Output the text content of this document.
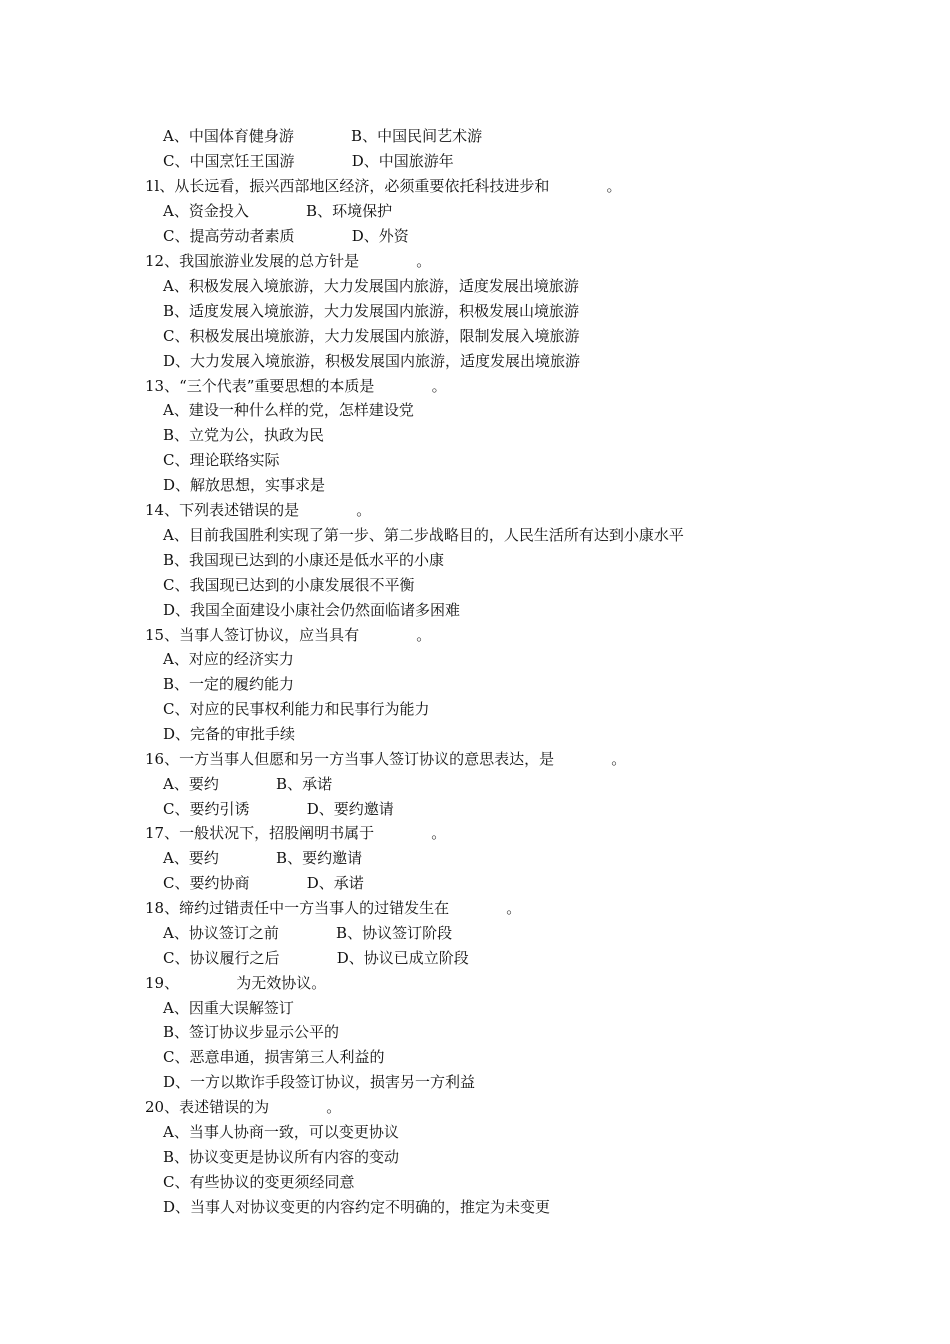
A、中国体育健身游            B、中国民间艺术游
C、中国烹饪王国游            D、中国旅游年
1l、从长远看，振兴西部地区经济，必须重要依托科技进步和            。
A、资金投入            B、环境保护
C、提高劳动者素质            D、外资
12、我国旅游业发展的总方针是            。
A、积极发展入境旅游，大力发展国内旅游，适度发展出境旅游
B、适度发展入境旅游，大力发展国内旅游，积极发展山境旅游
C、积极发展出境旅游，大力发展国内旅游，限制发展入境旅游
D、大力发展入境旅游，积极发展国内旅游，适度发展出境旅游
13、“三个代表”重要思想的本质是            。
A、建设一种什么样的党，怎样建设党
B、立党为公，执政为民
C、理论联络实际
D、解放思想，实事求是
14、下列表述错误的是            。
A、目前我国胜利实现了第一步、第二步战略目的，人民生活所有达到小康水平
B、我国现已达到的小康还是低水平的小康
C、我国现已达到的小康发展很不平衡
D、我国全面建设小康社会仍然面临诸多困难
15、当事人签订协议，应当具有            。
A、对应的经济实力
B、一定的履约能力
C、对应的民事权利能力和民事行为能力
D、完备的审批手续
16、一方当事人但愿和另一方当事人签订协议的意思表达，是            。
A、要约            B、承诺
C、要约引诱            D、要约邀请
17、一般状况下，招股阐明书属于            。
A、要约            B、要约邀请
C、要约协商            D、承诺
18、缔约过错责任中一方当事人的过错发生在            。
A、协议签订之前            B、协议签订阶段
C、协议履行之后            D、协议已成立阶段
19、            为无效协议。
A、因重大误解签订
B、签订协议步显示公平的
C、恶意串通，损害第三人利益的
D、一方以欺诈手段签订协议，损害另一方利益
20、表述错误的为            。
A、当事人协商一致，可以变更协议
B、协议变更是协议所有内容的变动
C、有些协议的变更须经同意
D、当事人对协议变更的内容约定不明确的，推定为未变更
